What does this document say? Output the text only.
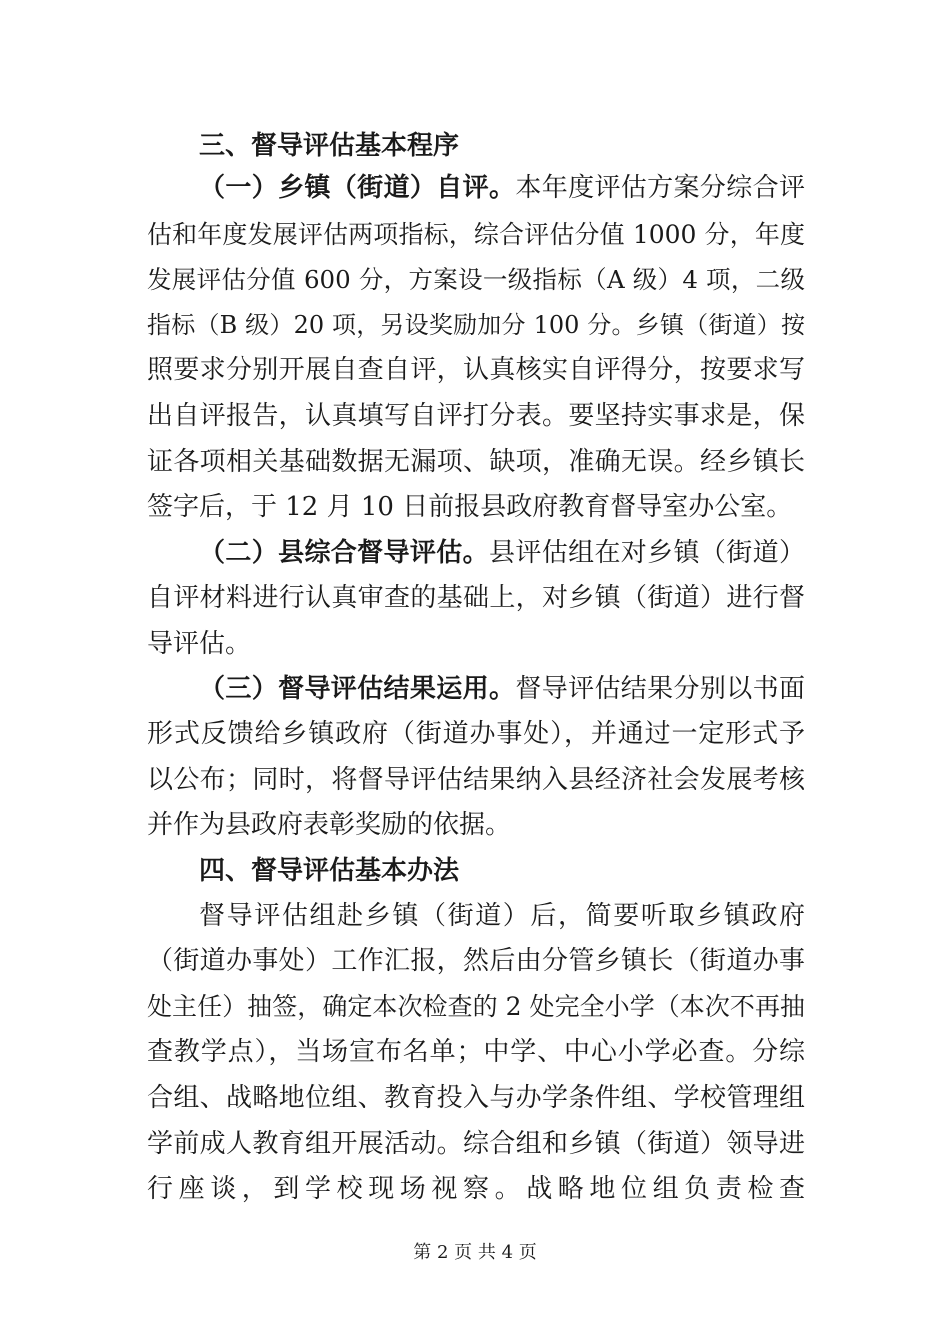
三、督导评估基本程序
（一）乡镇（街道）自评。本年度评估方案分综合评
估和年度发展评估两项指标，综合评估分值 1000 分，年度
发展评估分值 600 分，方案设一级指标（A 级）4 项，二级
指标（B 级）20 项，另设奖励加分 100 分。乡镇（街道）按
照要求分别开展自查自评，认真核实自评得分，按要求写
出自评报告，认真填写自评打分表。要坚持实事求是，保
证各项相关基础数据无漏项、缺项，准确无误。经乡镇长
签字后，于 12 月 10 日前报县政府教育督导室办公室。
（二）县综合督导评估。县评估组在对乡镇（街道）
自评材料进行认真审查的基础上，对乡镇（街道）进行督
导评估。
（三）督导评估结果运用。督导评估结果分别以书面
形式反馈给乡镇政府（街道办事处），并通过一定形式予
以公布；同时，将督导评估结果纳入县经济社会发展考核
并作为县政府表彰奖励的依据。
四、督导评估基本办法
督导评估组赴乡镇（街道）后，简要听取乡镇政府
（街道办事处）工作汇报，然后由分管乡镇长（街道办事
处主任）抽签，确定本次检查的 2 处完全小学（本次不再抽
查教学点），当场宣布名单；中学、中心小学必查。分综
合组、战略地位组、教育投入与办学条件组、学校管理组
学前成人教育组开展活动。综合组和乡镇（街道）领导进
行座谈，到学校现场视察。战略地位组负责检查
第 2 页 共 4 页
